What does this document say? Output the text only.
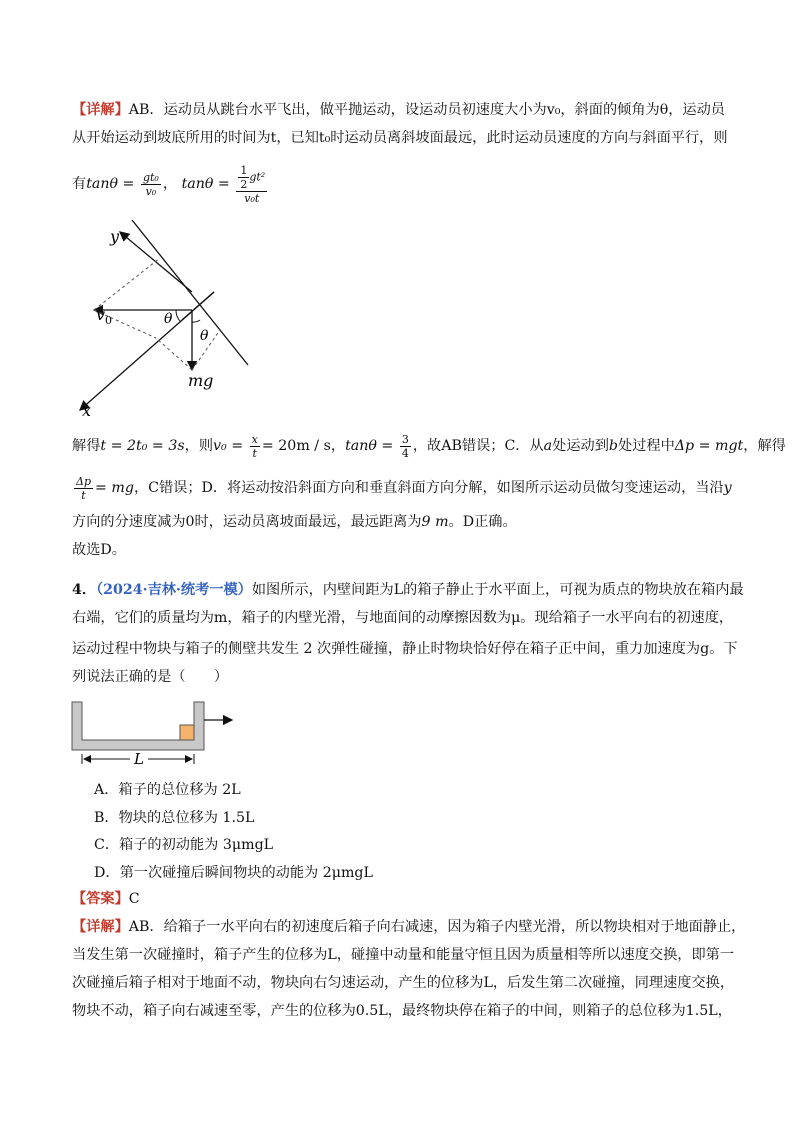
【详解】AB．运动员从跳台水平飞出，做平抛运动，设运动员初速度大小为v₀，斜面的倾角为θ，运动员
从开始运动到坡底所用的时间为t，已知t₀时运动员离斜坡面最远，此时运动员速度的方向与斜面平行，则
有$\tan\theta = \frac{\text{gt₀}}{\text{v₀}}$ ， $\tan\theta = \frac{\frac{1}{2} gt^2}{\text{v₀t}}$
y
x
$v_0$	θ
θ
mg
解得t = 2t₀ = 3s，则$v_0 = \frac{x}{t} = 20m / s$，$\tan\theta = \frac{3}{4}$ ，故AB错误；C．从a处运动到b处过程中Δp = mgt，解得
$\frac{\Delta p}{t}$ = mg，C错误；D．将运动按沿斜面方向和垂直斜面方向分解，如图所示运动员做匀变速运动，当沿y
方向的分速度减为0时，运动员离坡面最远，最远距离为9 m。D正确。
故选D。
4．（2024·吉林·统考一模）如图所示，内壁间距为L的箱子静止于水平面上，可视为质点的物块放在箱内最
右端，它们的质量均为m，箱子的内壁光滑，与地面间的动摩擦因数为μ。现给箱子一水平向右的初速度，
运动过程中物块与箱子的侧壁共发生 2 次弹性碰撞，静止时物块恰好停在箱子正中间，重力加速度为g。下
列说法正确的是（　　）
L
A．箱子的总位移为 2L
B．物块的总位移为 1.5L
C．箱子的初动能为 3μmgL
D．第一次碰撞后瞬间物块的动能为 2μmgL
【答案】C
【详解】AB．给箱子一水平向右的初速度后箱子向右减速，因为箱子内壁光滑，所以物块相对于地面静止，
当发生第一次碰撞时，箱子产生的位移为L，碰撞中动量和能量守恒且因为质量相等所以速度交换，即第一
次碰撞后箱子相对于地面不动，物块向右匀速运动，产生的位移为L，后发生第二次碰撞，同理速度交换，
物块不动，箱子向右减速至零，产生的位移为0.5L，最终物块停在箱子的中间，则箱子的总位移为1.5L，
